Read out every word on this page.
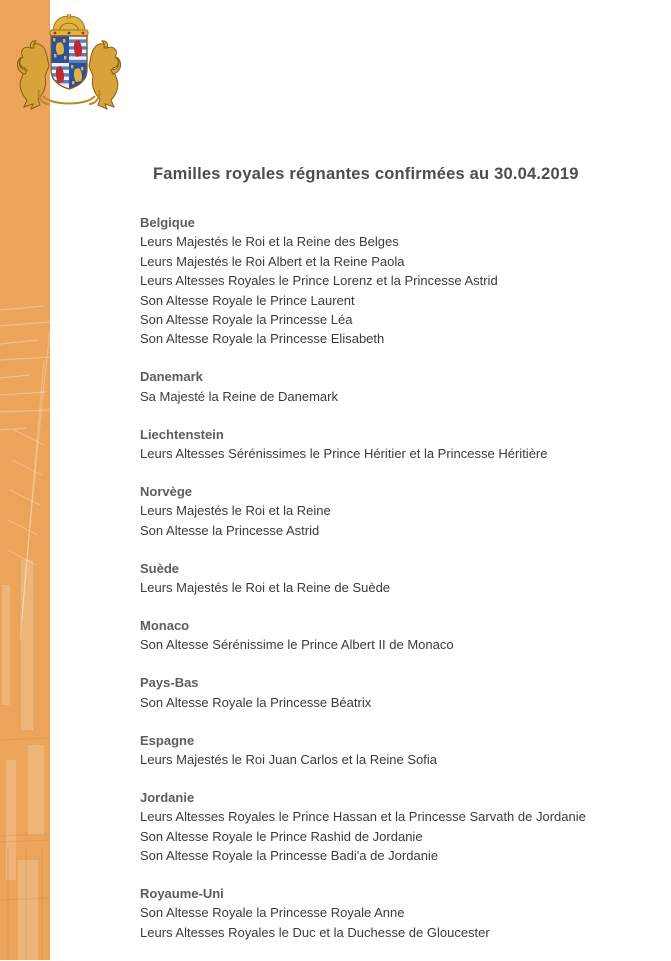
Familles royales régnantes confirmées au 30.04.2019
Belgique
Leurs Majestés le Roi et la Reine des Belges
Leurs Majestés le Roi Albert et la Reine Paola
Leurs Altesses Royales le Prince Lorenz et la Princesse Astrid
Son Altesse Royale le Prince Laurent
Son Altesse Royale la Princesse Léa
Son Altesse Royale la Princesse Elisabeth
Danemark
Sa Majesté la Reine de Danemark
Liechtenstein
Leurs Altesses Sérénissimes le Prince Héritier et la Princesse Héritière
Norvège
Leurs Majestés le Roi et la Reine
Son Altesse la Princesse Astrid
Suède
Leurs Majestés le Roi et la Reine de Suède
Monaco
Son Altesse Sérénissime le Prince Albert II de Monaco
Pays-Bas
Son Altesse Royale la Princesse Béatrix
Espagne
Leurs Majestés le Roi Juan Carlos et la Reine Sofia
Jordanie
Leurs Altesses Royales le Prince Hassan et la Princesse Sarvath de Jordanie
Son Altesse Royale le Prince Rashid de Jordanie
Son Altesse Royale la Princesse Badi'a de Jordanie
Royaume-Uni
Son Altesse Royale la Princesse Royale Anne
Leurs Altesses Royales le Duc et la Duchesse de Gloucester
